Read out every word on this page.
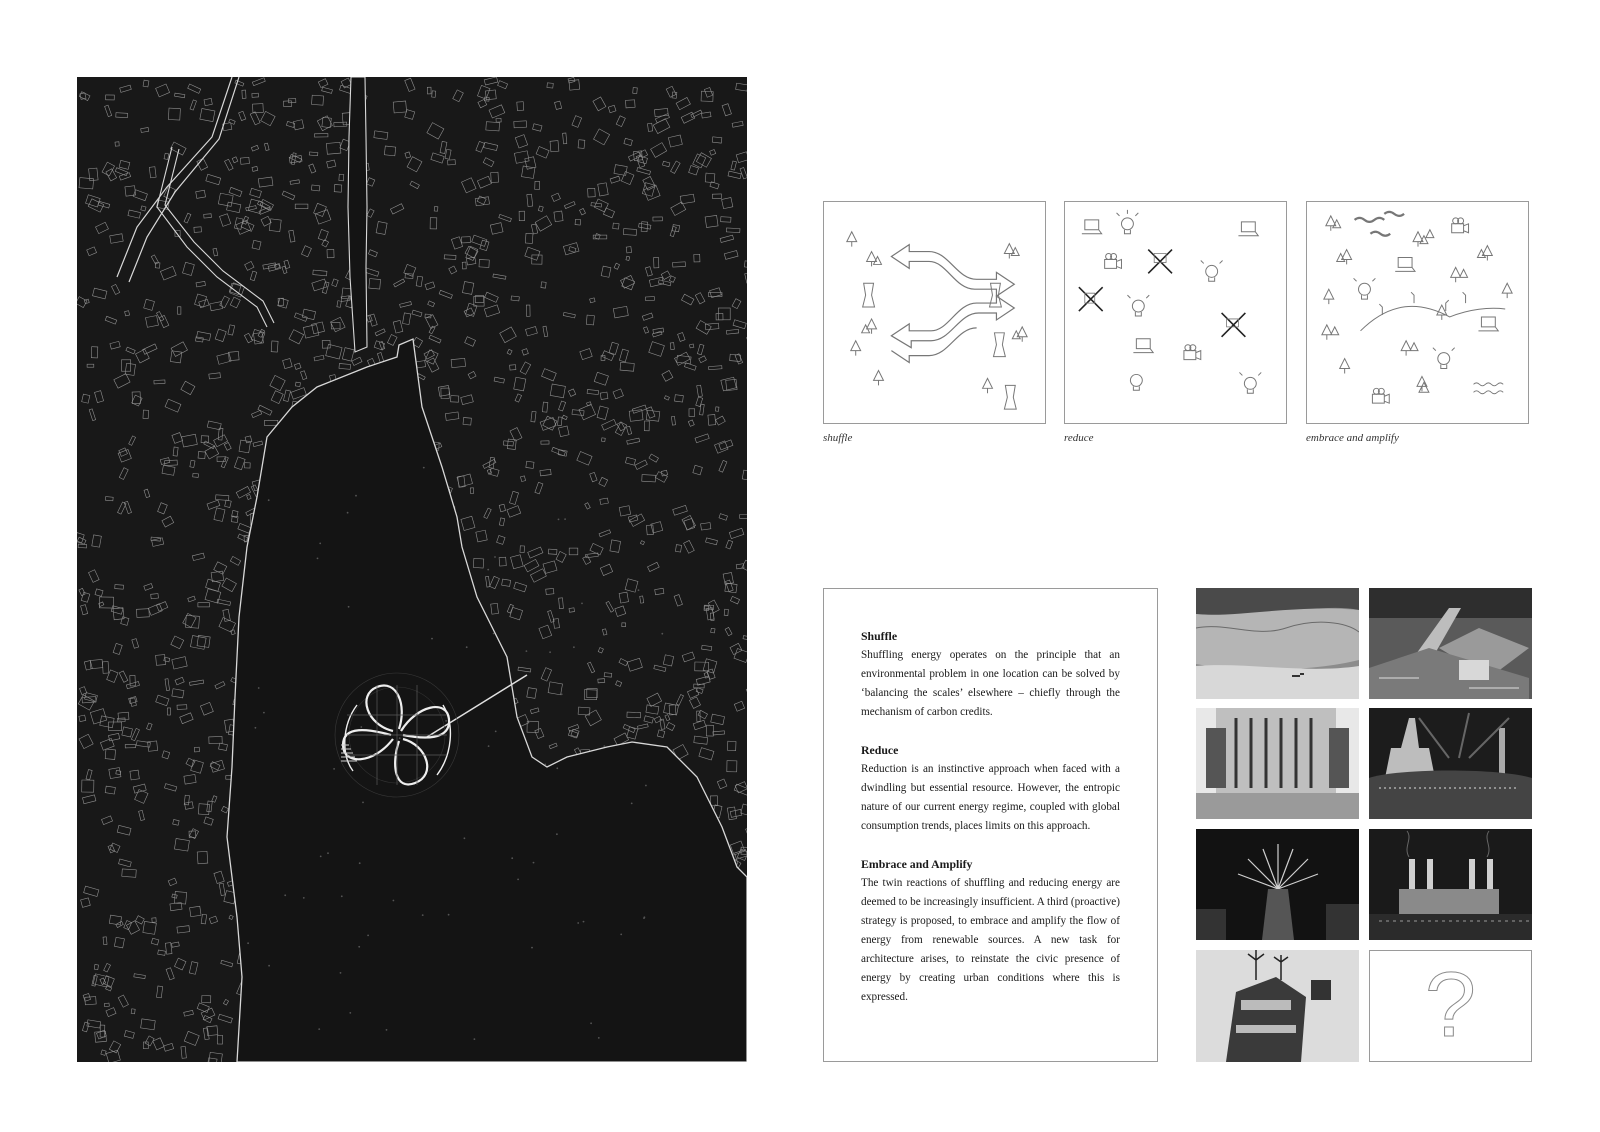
shuffle	reduce	embrace and amplify
Shuffle

Shuffling energy operates on the principle that an environmental problem in one location can be solved by ‘balancing the scales’ elsewhere – chiefly through the mechanism of carbon credits.

Reduce

Reduction is an instinctive approach when faced with a dwindling but essential resource. However, the entropic nature of our current energy regime, coupled with global consumption trends, places limits on this approach.

Embrace and Amplify

The twin reactions of shuffling and reducing energy are deemed to be increasingly insufficient. A third (proactive) strategy is proposed, to embrace and amplify the flow of energy from renewable sources. A new task for architecture arises, to reinstate the civic presence of energy by creating urban conditions where this is expressed.	?
